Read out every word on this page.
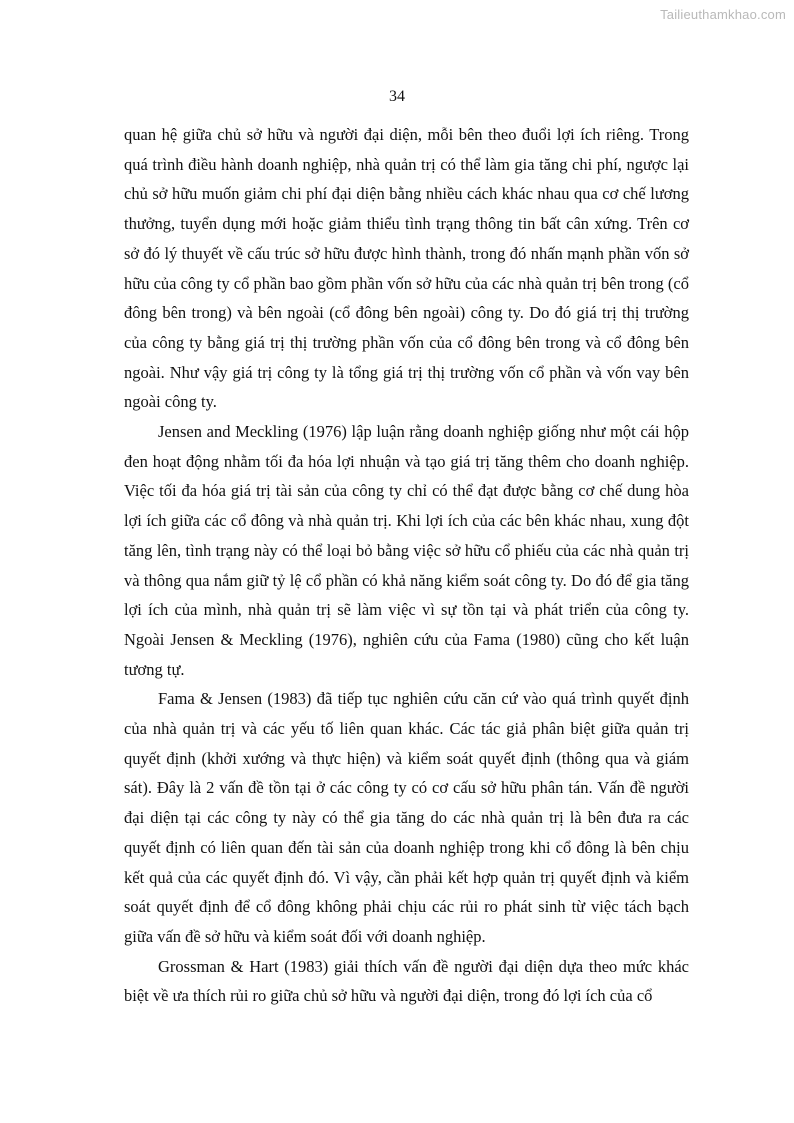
Tailieuthamkhao.com
34

quan hệ giữa chủ sở hữu và người đại diện, mỗi bên theo đuổi lợi ích riêng. Trong quá trình điều hành doanh nghiệp, nhà quản trị có thể làm gia tăng chi phí, ngược lại chủ sở hữu muốn giảm chi phí đại diện bằng nhiều cách khác nhau qua cơ chế lương thưởng, tuyển dụng mới hoặc giảm thiểu tình trạng thông tin bất cân xứng. Trên cơ sở đó lý thuyết về cấu trúc sở hữu được hình thành, trong đó nhấn mạnh phần vốn sở hữu của công ty cổ phần bao gồm phần vốn sở hữu của các nhà quản trị bên trong (cổ đông bên trong) và bên ngoài (cổ đông bên ngoài) công ty. Do đó giá trị thị trường của công ty bằng giá trị thị trường phần vốn của cổ đông bên trong và cổ đông bên ngoài. Như vậy giá trị công ty là tổng giá trị thị trường vốn cổ phần và vốn vay bên ngoài công ty.

Jensen and Meckling (1976) lập luận rằng doanh nghiệp giống như một cái hộp đen hoạt động nhằm tối đa hóa lợi nhuận và tạo giá trị tăng thêm cho doanh nghiệp. Việc tối đa hóa giá trị tài sản của công ty chỉ có thể đạt được bằng cơ chế dung hòa lợi ích giữa các cổ đông và nhà quản trị. Khi lợi ích của các bên khác nhau, xung đột tăng lên, tình trạng này có thể loại bỏ bằng việc sở hữu cổ phiếu của các nhà quản trị và thông qua nắm giữ tỷ lệ cổ phần có khả năng kiểm soát công ty. Do đó để gia tăng lợi ích của mình, nhà quản trị sẽ làm việc vì sự tồn tại và phát triển của công ty. Ngoài Jensen & Meckling (1976), nghiên cứu của Fama (1980) cũng cho kết luận tương tự.

Fama & Jensen (1983) đã tiếp tục nghiên cứu căn cứ vào quá trình quyết định của nhà quản trị và các yếu tố liên quan khác. Các tác giả phân biệt giữa quản trị quyết định (khởi xướng và thực hiện) và kiểm soát quyết định (thông qua và giám sát). Đây là 2 vấn đề tồn tại ở các công ty có cơ cấu sở hữu phân tán. Vấn đề người đại diện tại các công ty này có thể gia tăng do các nhà quản trị là bên đưa ra các quyết định có liên quan đến tài sản của doanh nghiệp trong khi cổ đông là bên chịu kết quả của các quyết định đó. Vì vậy, cần phải kết hợp quản trị quyết định và kiểm soát quyết định để cổ đông không phải chịu các rủi ro phát sinh từ việc tách bạch giữa vấn đề sở hữu và kiểm soát đối với doanh nghiệp.

Grossman & Hart (1983) giải thích vấn đề người đại diện dựa theo mức khác biệt về ưa thích rủi ro giữa chủ sở hữu và người đại diện, trong đó lợi ích của cổ
